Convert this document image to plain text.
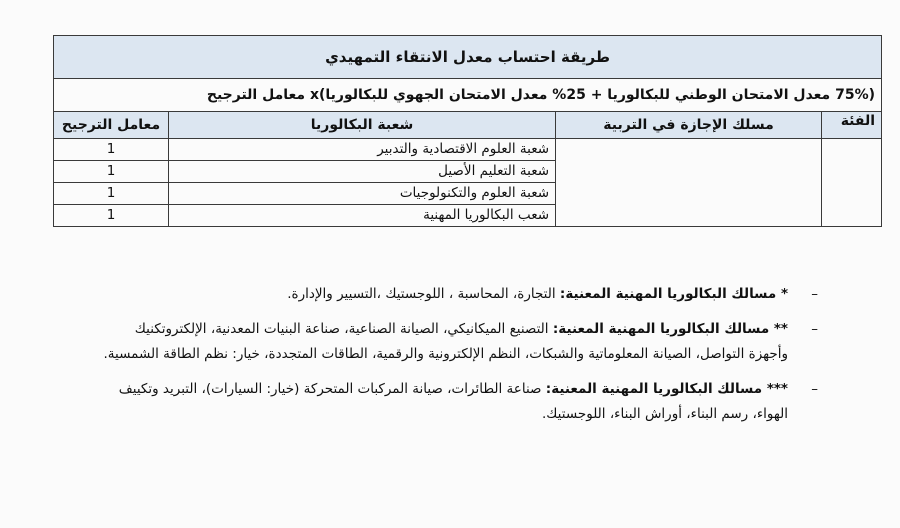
طريقة احتساب معدل الانتقاء التمهيدي			
(75% معدل الامتحان الوطني للبكالوريا + 25% معدل الامتحان الجهوي للبكالوريا)x معامل الترجيح			
الفئة	مسلك الإجازة في التربية	شعبة البكالوريا	معامل الترجيح
		شعبة العلوم الاقتصادية والتدبير	1
		شعبة التعليم الأصيل	1
		شعبة العلوم والتكنولوجيات	1
		شعب البكالوريا المهنية	1
–
* مسالك البكالوريا المهنية المعنية: التجارة، المحاسبة ، اللوجستيك ،التسيير والإدارة.
–
** مسالك البكالوريا المهنية المعنية: التصنيع الميكانيكي، الصيانة الصناعية، صناعة البنيات المعدنية، الإلكتروتكنيك وأجهزة التواصل، الصيانة المعلوماتية والشبكات، النظم الإلكترونية والرقمية، الطاقات المتجددة، خيار: نظم الطاقة الشمسية.
–
*** مسالك البكالوريا المهنية المعنية: صناعة الطائرات، صيانة المركبات المتحركة (خيار: السيارات)، التبريد وتكييف الهواء، رسم البناء، أوراش البناء، اللوجستيك.
